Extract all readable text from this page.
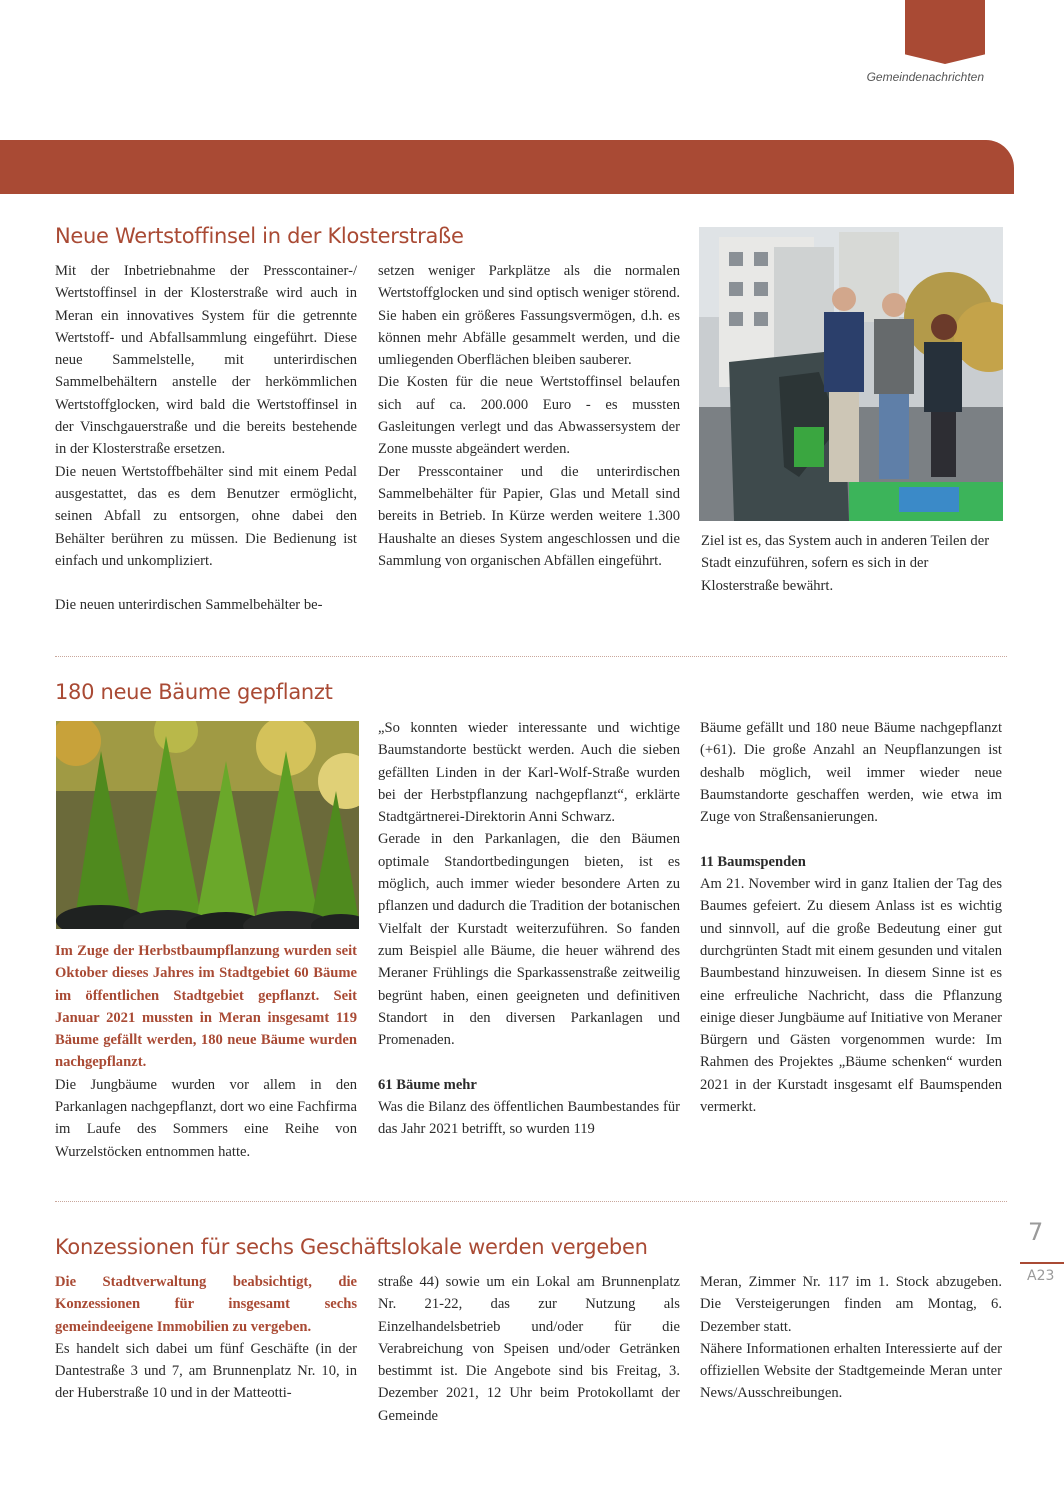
Gemeindenachrichten
Neue Wertstoffinsel in der Klosterstraße

Mit der Inbetriebnahme der Presscontainer-/ Wertstoffinsel in der Klosterstraße wird auch in Meran ein innovatives System für die getrennte Wertstoff- und Abfallsammlung eingeführt. Diese neue Sammelstelle, mit unterirdischen Sammelbehältern anstelle der herkömmlichen Wertstoffglocken, wird bald die Wertstoffinsel in der Vinschgauerstraße und die bereits bestehende in der Klosterstraße ersetzen.

Die neuen Wertstoffbehälter sind mit einem Pedal ausgestattet, das es dem Benutzer ermöglicht, seinen Abfall zu entsorgen, ohne dabei den Behälter berühren zu müssen. Die Bedienung ist einfach und unkompliziert.

Die neuen unterirdischen Sammelbehälter be-

setzen weniger Parkplätze als die normalen Wertstoffglocken und sind optisch weniger störend. Sie haben ein größeres Fassungsvermögen, d.h. es können mehr Abfälle gesammelt werden, und die umliegenden Oberflächen bleiben sauberer.

Die Kosten für die neue Wertstoffinsel belaufen sich auf ca. 200.000 Euro - es mussten Gasleitungen verlegt und das Abwassersystem der Zone musste abgeändert werden.

Der Presscontainer und die unterirdischen Sammelbehälter für Papier, Glas und Metall sind bereits in Betrieb. In Kürze werden weitere 1.300 Haushalte an dieses System angeschlossen und die Sammlung von organischen Abfällen eingeführt.

Ziel ist es, das System auch in anderen Teilen der Stadt einzuführen, sofern es sich in der Klosterstraße bewährt.
180 neue Bäume gepflanzt

Im Zuge der Herbstbaumpflanzung wurden seit Oktober dieses Jahres im Stadtgebiet 60 Bäume im öffentlichen Stadtgebiet gepflanzt. Seit Januar 2021 mussten in Meran insgesamt 119 Bäume gefällt werden, 180 neue Bäume wurden nachgepflanzt.

Die Jungbäume wurden vor allem in den Parkanlagen nachgepflanzt, dort wo eine Fachfirma im Laufe des Sommers eine Reihe von Wurzelstöcken entnommen hatte.

„So konnten wieder interessante und wichtige Baumstandorte bestückt werden. Auch die sieben gefällten Linden in der Karl-Wolf-Straße wurden bei der Herbstpflanzung nachgepflanzt“, erklärte Stadtgärtnerei-Direktorin Anni Schwarz.

Gerade in den Parkanlagen, die den Bäumen optimale Standortbedingungen bieten, ist es möglich, auch immer wieder besondere Arten zu pflanzen und dadurch die Tradition der botanischen Vielfalt der Kurstadt weiterzuführen. So fanden zum Beispiel alle Bäume, die heuer während des Meraner Frühlings die Sparkassenstraße zeitweilig begrünt haben, einen geeigneten und definitiven Standort in den diversen Parkanlagen und Promenaden.

61 Bäume mehr

Was die Bilanz des öffentlichen Baumbestandes für das Jahr 2021 betrifft, so wurden 119

Bäume gefällt und 180 neue Bäume nachgepflanzt (+61). Die große Anzahl an Neupflanzungen ist deshalb möglich, weil immer wieder neue Baumstandorte geschaffen werden, wie etwa im Zuge von Straßensanierungen.

11 Baumspenden

Am 21. November wird in ganz Italien der Tag des Baumes gefeiert. Zu diesem Anlass ist es wichtig und sinnvoll, auf die große Bedeutung einer gut durchgrünten Stadt mit einem gesunden und vitalen Baumbestand hinzuweisen. In diesem Sinne ist es eine erfreuliche Nachricht, dass die Pflanzung einige dieser Jungbäume auf Initiative von Meraner Bürgern und Gästen vorgenommen wurde: Im Rahmen des Projektes „Bäume schenken“ wurden 2021 in der Kurstadt insgesamt elf Baumspenden vermerkt.

Konzessionen für sechs Geschäftslokale werden vergeben

Die Stadtverwaltung beabsichtigt, die Konzessionen für insgesamt sechs gemeindeeigene Immobilien zu vergeben.

Es handelt sich dabei um fünf Geschäfte (in der Dantestraße 3 und 7, am Brunnenplatz Nr. 10, in der Huberstraße 10 und in der Matteotti-

straße 44) sowie um ein Lokal am Brunnenplatz Nr. 21-22, das zur Nutzung als Einzelhandelsbetrieb und/oder für die Verabreichung von Speisen und/oder Getränken bestimmt ist. Die Angebote sind bis Freitag, 3. Dezember 2021, 12 Uhr beim Protokollamt der Gemeinde

Meran, Zimmer Nr. 117 im 1. Stock abzugeben. Die Versteigerungen finden am Montag, 6. Dezember statt.

Nähere Informationen erhalten Interessierte auf der offiziellen Website der Stadtgemeinde Meran unter News/Ausschreibungen.

7
A23
